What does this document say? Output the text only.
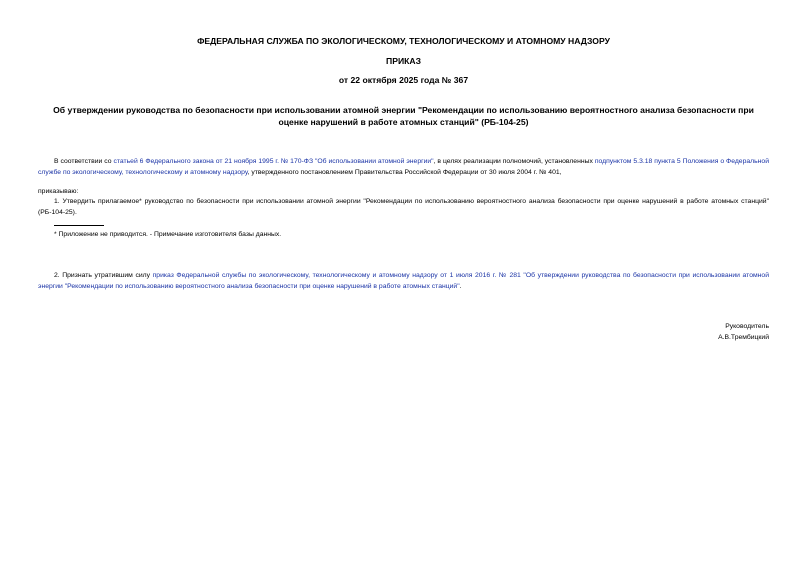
ФЕДЕРАЛЬНАЯ СЛУЖБА ПО ЭКОЛОГИЧЕСКОМУ, ТЕХНОЛОГИЧЕСКОМУ И АТОМНОМУ НАДЗОРУ
ПРИКАЗ
от 22 октября 2025 года № 367
Об утверждении руководства по безопасности при использовании атомной энергии "Рекомендации по использованию вероятностного анализа безопасности при оценке нарушений в работе атомных станций" (РБ-104-25)
В соответствии со статьей 6 Федерального закона от 21 ноября 1995 г. № 170-ФЗ "Об использовании атомной энергии", в целях реализации полномочий, установленных подпунктом 5.3.18 пункта 5 Положения о Федеральной службе по экологическому, технологическому и атомному надзору, утвержденного постановлением Правительства Российской Федерации от 30 июля 2004 г. № 401,
приказываю:
1. Утвердить прилагаемое* руководство по безопасности при использовании атомной энергии "Рекомендации по использованию вероятностного анализа безопасности при оценке нарушений в работе атомных станций" (РБ-104-25).
* Приложение не приводится. - Примечание изготовителя базы данных.
2. Признать утратившим силу приказ Федеральной службы по экологическому, технологическому и атомному надзору от 1 июля 2016 г. № 281 "Об утверждении руководства по безопасности при использовании атомной энергии "Рекомендации по использованию вероятностного анализа безопасности при оценке нарушений в работе атомных станций".
Руководитель
А.В.Трембицкий
